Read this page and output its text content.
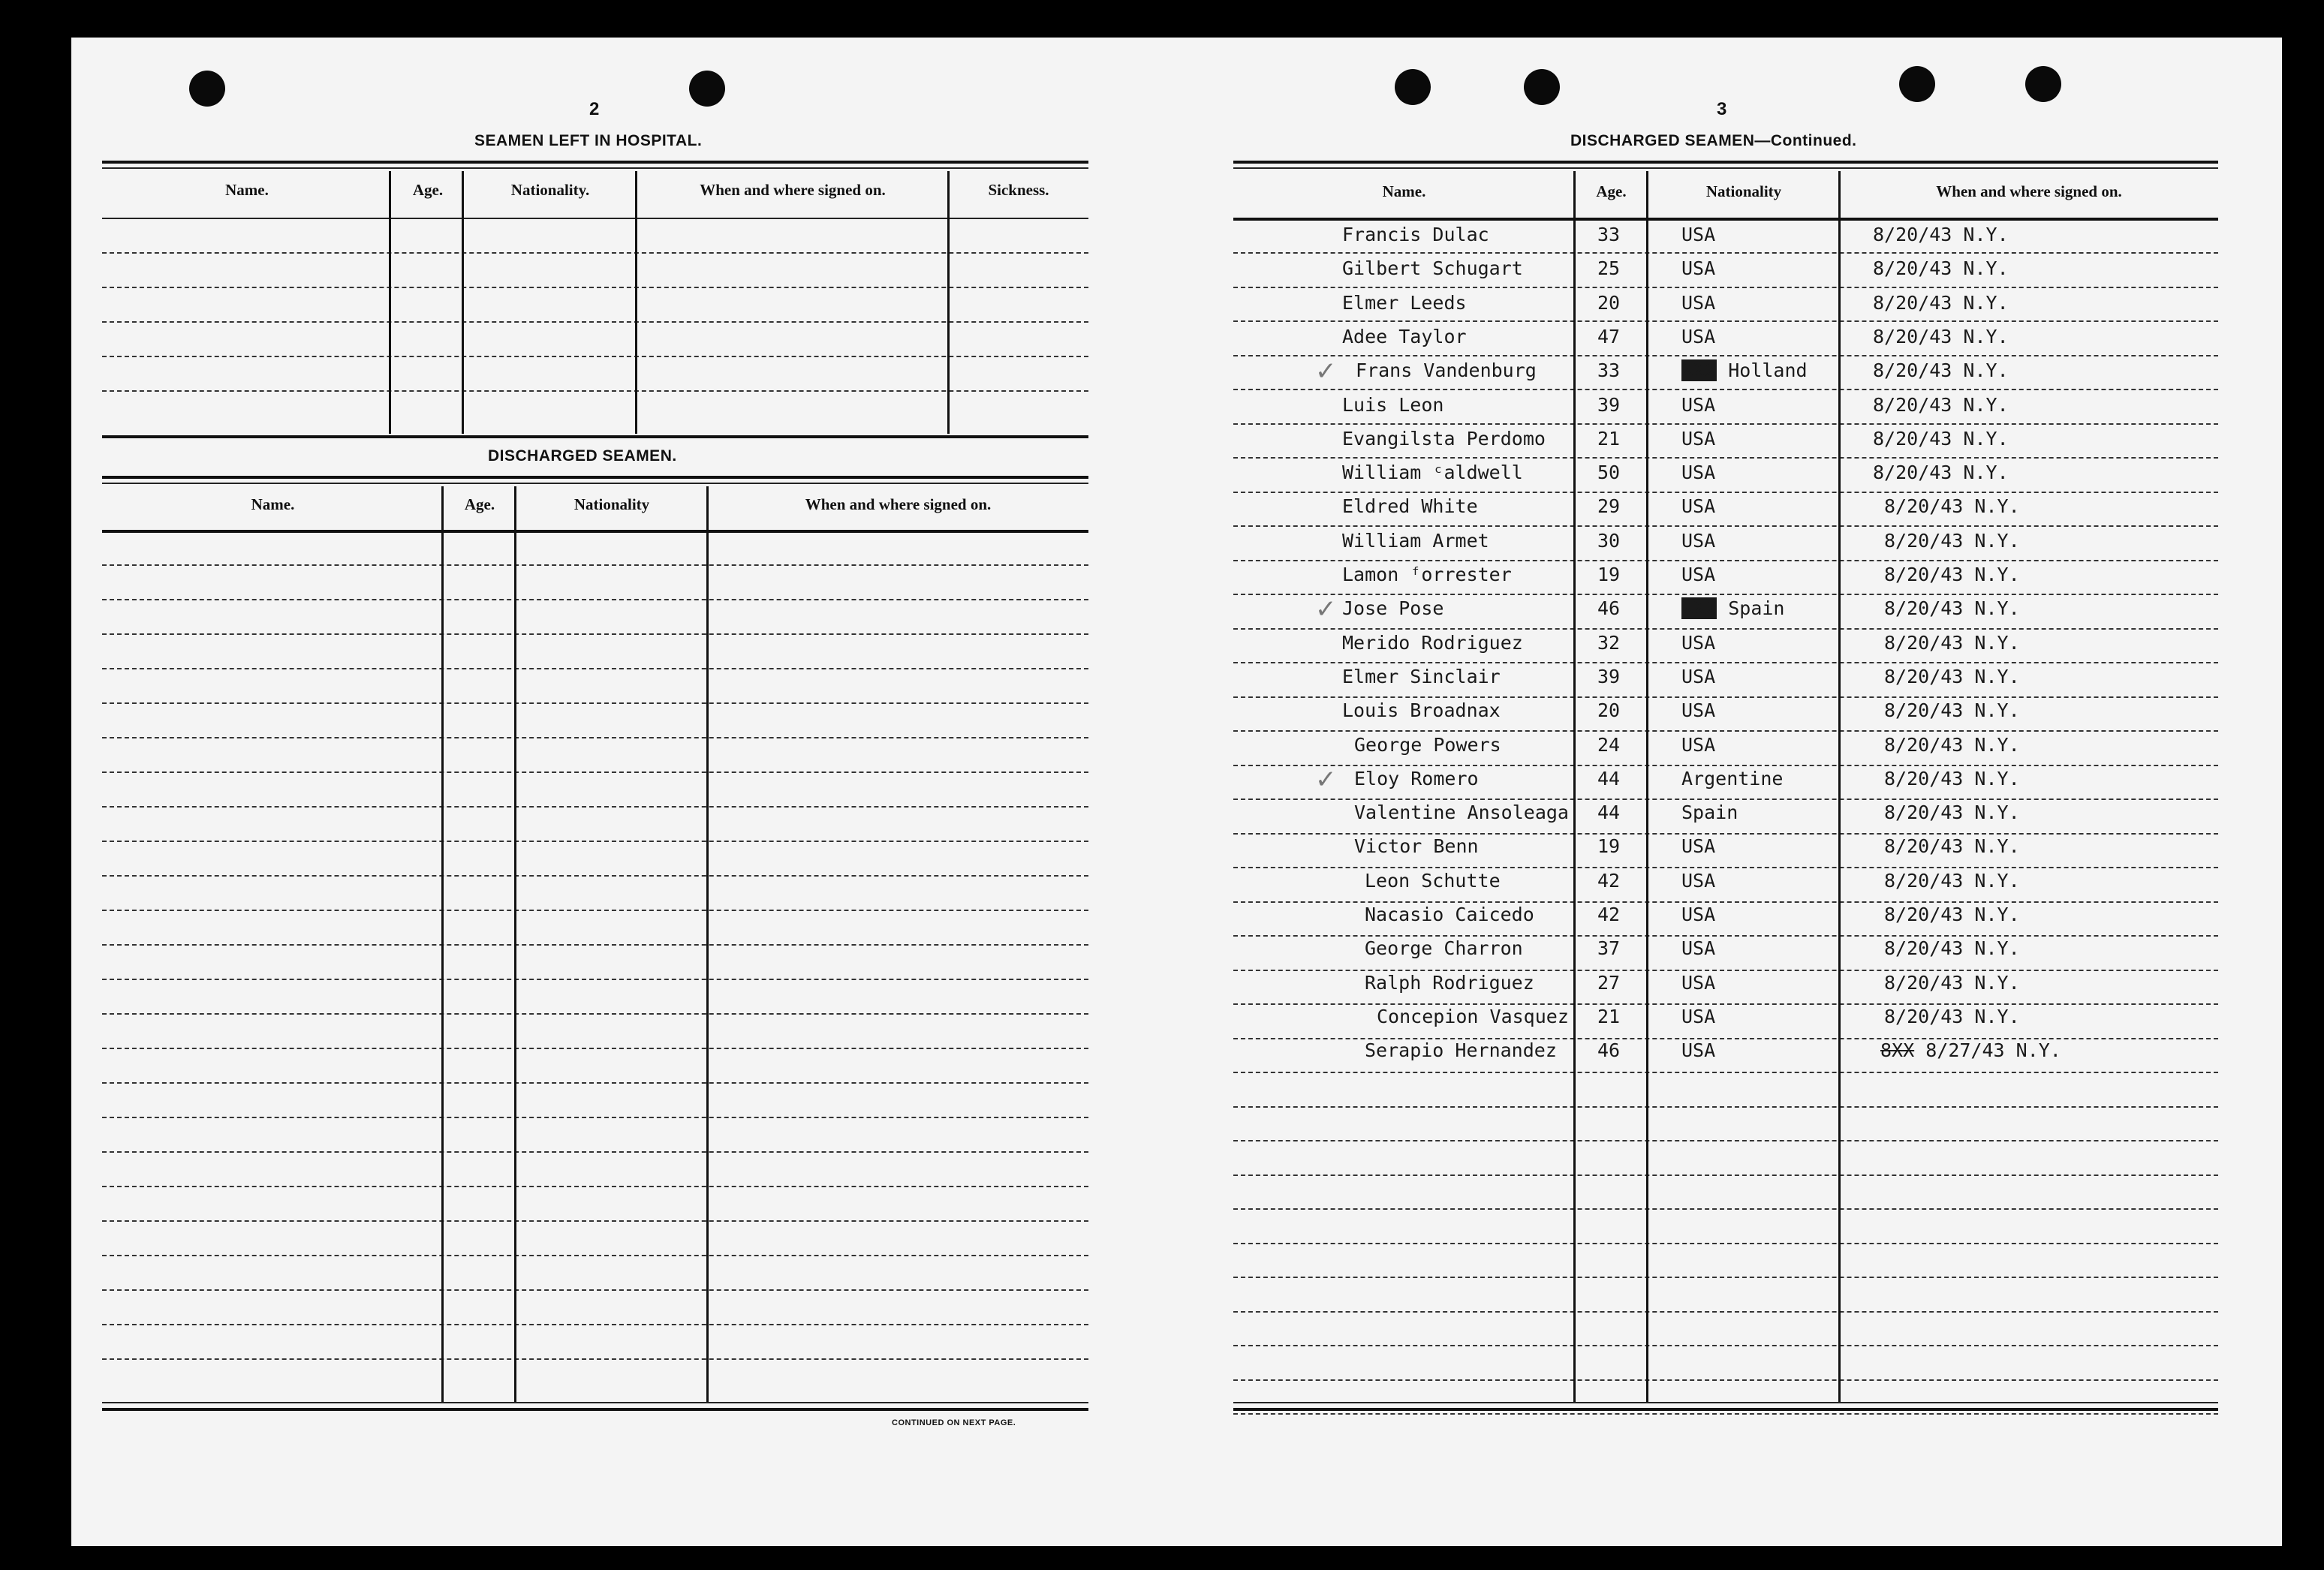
2
SEAMEN LEFT IN HOSPITAL.
Name.	Age.	Nationality.	When and where signed on.	Sickness.
DISCHARGED SEAMEN.
Name.	Age.	Nationality	When and where signed on.
CONTINUED ON NEXT PAGE.
3
DISCHARGED SEAMEN—Continued.
Name.	Age.	Nationality	When and where signed on.
Francis Dulac	33	USA	8/20/43 N.Y.
Gilbert Schugart	25	USA	8/20/43 N.Y.
Elmer Leeds	20	USA	8/20/43 N.Y.
Adee Taylor	47	USA	8/20/43 N.Y.
Frans Vandenburg	33	XXX Holland	8/20/43 N.Y.
✓
Luis Leon	39	USA	8/20/43 N.Y.
Evangilsta Perdomo	21	USA	8/20/43 N.Y.
William ᶜaldwell	50	USA	8/20/43 N.Y.
Eldred White	29	USA	8/20/43 N.Y.
William Armet	30	USA	8/20/43 N.Y.
Lamon ᶠorrester	19	USA	8/20/43 N.Y.
Jose Pose	46	XXX Spain	8/20/43 N.Y.
✓
Merido Rodriguez	32	USA	8/20/43 N.Y.
Elmer Sinclair	39	USA	8/20/43 N.Y.
Louis Broadnax	20	USA	8/20/43 N.Y.
George Powers	24	USA	8/20/43 N.Y.
Eloy Romero	44	Argentine	8/20/43 N.Y.
✓
Valentine Ansoleaga 44	Spain	8/20/43 N.Y.
Victor Benn	19	USA	8/20/43 N.Y.
Leon Schutte	42	USA	8/20/43 N.Y.
Nacasio Caicedo	42	USA	8/20/43 N.Y.
George Charron	37	USA	8/20/43 N.Y.
Ralph Rodriguez	27	USA	8/20/43 N.Y.
Concepion Vasquez 21	USA	8/20/43 N.Y.
Serapio Hernandez 46	USA	8XX 8/27/43 N.Y.
